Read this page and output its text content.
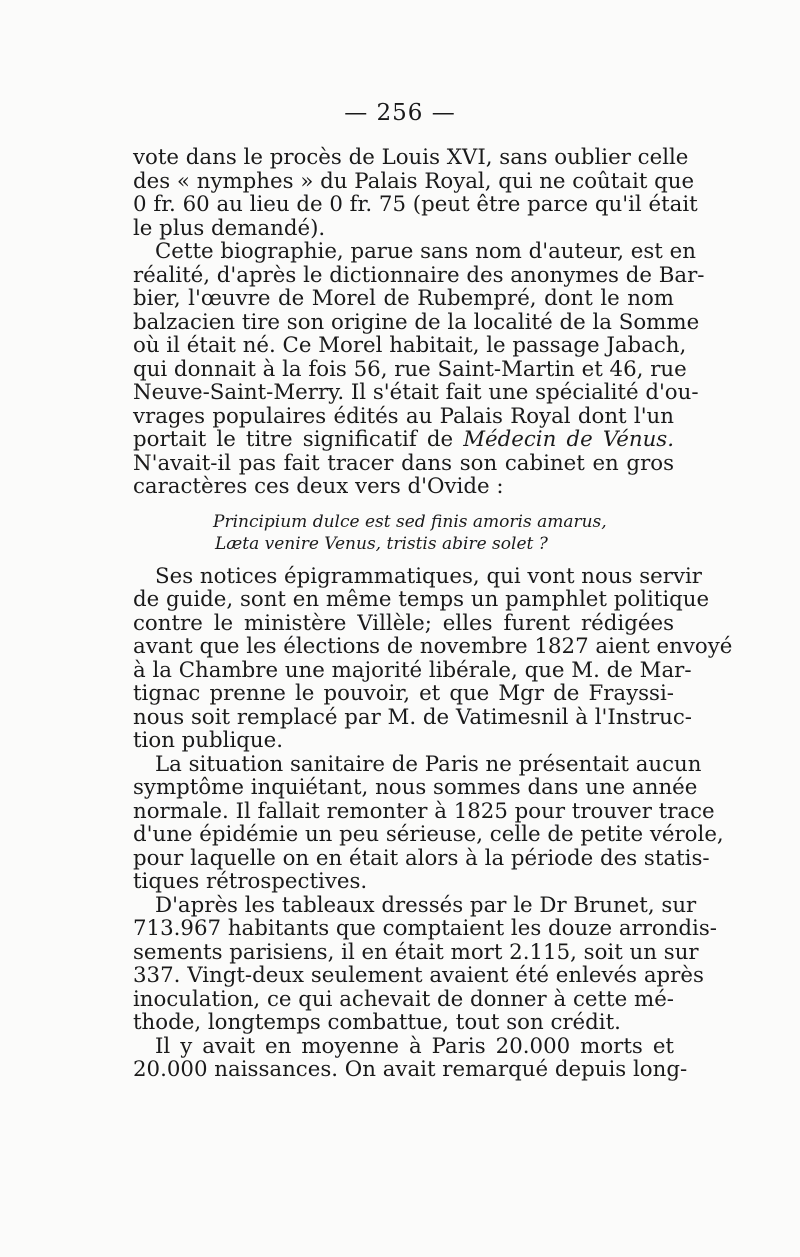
— 256 —
vote dans le procès de Louis XVI, sans oublier celle
des « nymphes » du Palais Royal, qui ne coûtait que
0 fr. 60 au lieu de 0 fr. 75 (peut être parce qu'il était
le plus demandé).
Cette biographie, parue sans nom d'auteur, est en
réalité, d'après le dictionnaire des anonymes de Bar-
bier, l'œuvre de Morel de Rubempré, dont le nom
balzacien tire son origine de la localité de la Somme
où il était né. Ce Morel habitait, le passage Jabach,
qui donnait à la fois 56, rue Saint-Martin et 46, rue
Neuve-Saint-Merry. Il s'était fait une spécialité d'ou-
vrages populaires édités au Palais Royal dont l'un
portait le titre significatif de Médecin de Vénus.
N'avait-il pas fait tracer dans son cabinet en gros
caractères ces deux vers d'Ovide :
Principium dulce est sed finis amoris amarus,
Læta venire Venus, tristis abire solet ?
Ses notices épigrammatiques, qui vont nous servir
de guide, sont en même temps un pamphlet politique
contre le ministère Villèle; elles furent rédigées
avant que les élections de novembre 1827 aient envoyé
à la Chambre une majorité libérale, que M. de Mar-
tignac prenne le pouvoir, et que Mgr de Frayssi-
nous soit remplacé par M. de Vatimesnil à l'Instruc-
tion publique.
La situation sanitaire de Paris ne présentait aucun
symptôme inquiétant, nous sommes dans une année
normale. Il fallait remonter à 1825 pour trouver trace
d'une épidémie un peu sérieuse, celle de petite vérole,
pour laquelle on en était alors à la période des statis-
tiques rétrospectives.
D'après les tableaux dressés par le Dr Brunet, sur
713.967 habitants que comptaient les douze arrondis-
sements parisiens, il en était mort 2.115, soit un sur
337. Vingt-deux seulement avaient été enlevés après
inoculation, ce qui achevait de donner à cette mé-
thode, longtemps combattue, tout son crédit.
Il y avait en moyenne à Paris 20.000 morts et
20.000 naissances. On avait remarqué depuis long-
